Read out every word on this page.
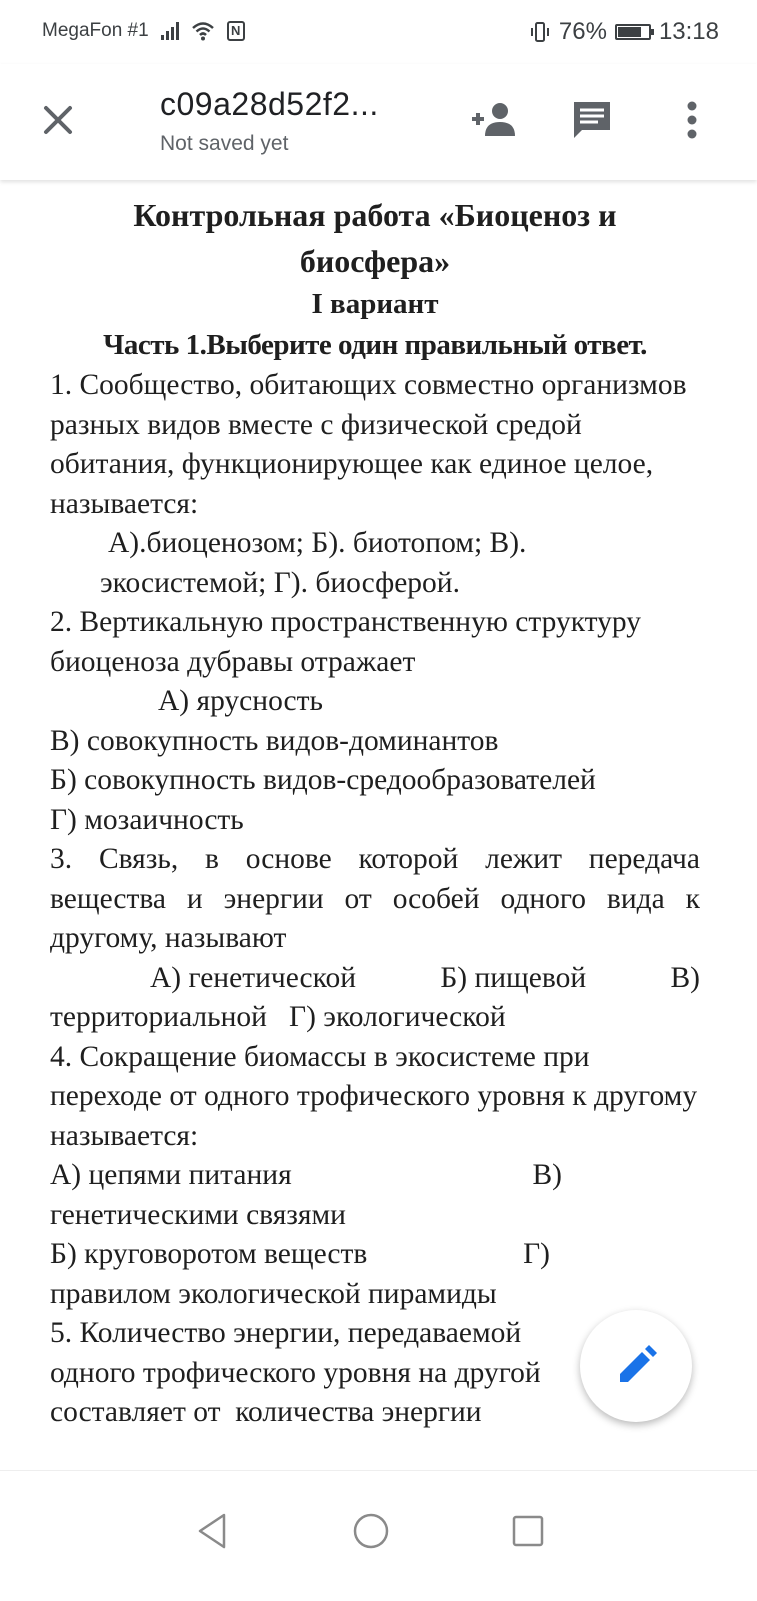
MegaFon #1	N	76% 13:18
c09a28d52f2...
Not saved yet
Контрольная работа «Биоценоз и
биосфера»
I вариант
Часть 1.Выберите один правильный ответ.

1. Сообщество, обитающих совместно организмов разных видов вместе с физической средой обитания, функционирующее как единое целое, называется:

А).биоценозом; Б). биотопом; В).

экосистемой; Г). биосферой.

2. Вертикальную пространственную структуру биоценоза дубравы отражает

А) ярусность

В) совокупность видов-доминантов

Б) совокупность видов-средообразователей

Г) мозаичность

3. Связь, в основе которой лежит передача вещества и энергии от особей одного вида к другому, называют

А) генетической	Б) пищевой	В)

территориальной   Г) экологической

4. Сокращение биомассы в экосистеме при переходе от одного трофического уровня к другому называется:

А) цепями питания	В)

генетическими связями

Б) круговоротом веществ	Г)

правилом экологической пирамиды

5. Количество энергии, передаваемой

одного трофического уровня на другой

составляет от  количества энергии
